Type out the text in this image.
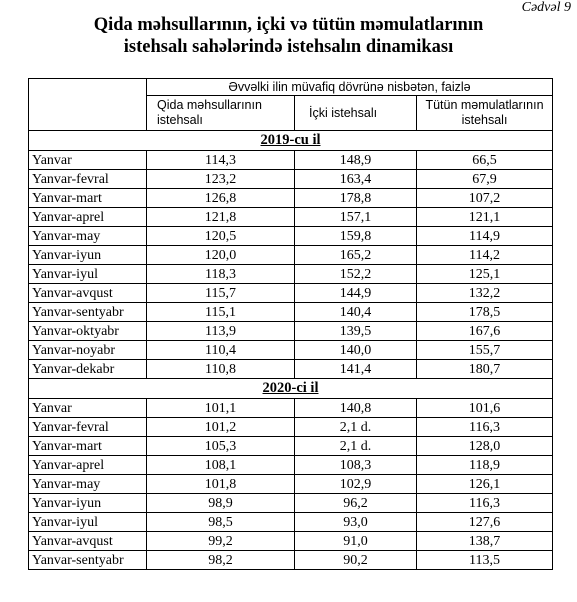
Cədvəl 9
Qida məhsullarının, içki və tütün məmulatlarının
istehsalı sahələrində istehsalın dinamikası
	Əvvəlki ilin müvafiq dövrünə nisbətən, faizlə		
	Qida məhsullarının istehsalı	İçki istehsalı	Tütün məmulatlarının istehsalı
2019-cu il			
Yanvar	114,3	148,9	66,5
Yanvar-fevral	123,2	163,4	67,9
Yanvar-mart	126,8	178,8	107,2
Yanvar-aprel	121,8	157,1	121,1
Yanvar-may	120,5	159,8	114,9
Yanvar-iyun	120,0	165,2	114,2
Yanvar-iyul	118,3	152,2	125,1
Yanvar-avqust	115,7	144,9	132,2
Yanvar-sentyabr	115,1	140,4	178,5
Yanvar-oktyabr	113,9	139,5	167,6
Yanvar-noyabr	110,4	140,0	155,7
Yanvar-dekabr	110,8	141,4	180,7
2020-ci il			
Yanvar	101,1	140,8	101,6
Yanvar-fevral	101,2	2,1 d.	116,3
Yanvar-mart	105,3	2,1 d.	128,0
Yanvar-aprel	108,1	108,3	118,9
Yanvar-may	101,8	102,9	126,1
Yanvar-iyun	98,9	96,2	116,3
Yanvar-iyul	98,5	93,0	127,6
Yanvar-avqust	99,2	91,0	138,7
Yanvar-sentyabr	98,2	90,2	113,5
